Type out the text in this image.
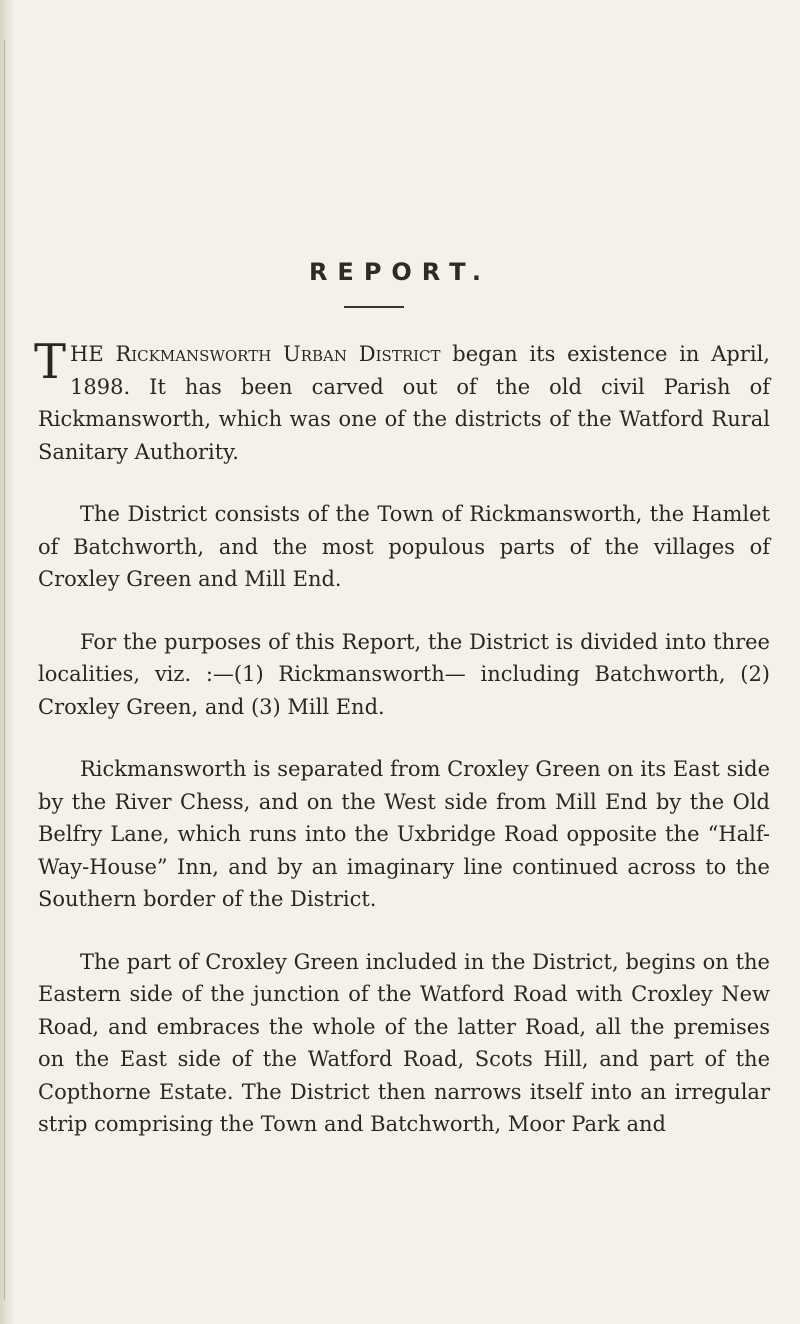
REPORT.

THE Rickmansworth Urban District began its existence in April, 1898. It has been carved out of the old civil Parish of Rickmansworth, which was one of the districts of the Watford Rural Sanitary Authority.

The District consists of the Town of Rickmansworth, the Hamlet of Batchworth, and the most populous parts of the villages of Croxley Green and Mill End.

For the purposes of this Report, the District is divided into three localities, viz. :—(1) Rickmansworth— including Batchworth, (2) Croxley Green, and (3) Mill End.

Rickmansworth is separated from Croxley Green on its East side by the River Chess, and on the West side from Mill End by the Old Belfry Lane, which runs into the Uxbridge Road opposite the “Half-Way-House” Inn, and by an imaginary line continued across to the Southern border of the District.

The part of Croxley Green included in the District, begins on the Eastern side of the junction of the Watford Road with Croxley New Road, and embraces the whole of the latter Road, all the premises on the East side of the Watford Road, Scots Hill, and part of the Copthorne Estate. The District then narrows itself into an irregular strip comprising the Town and Batchworth, Moor Park and
